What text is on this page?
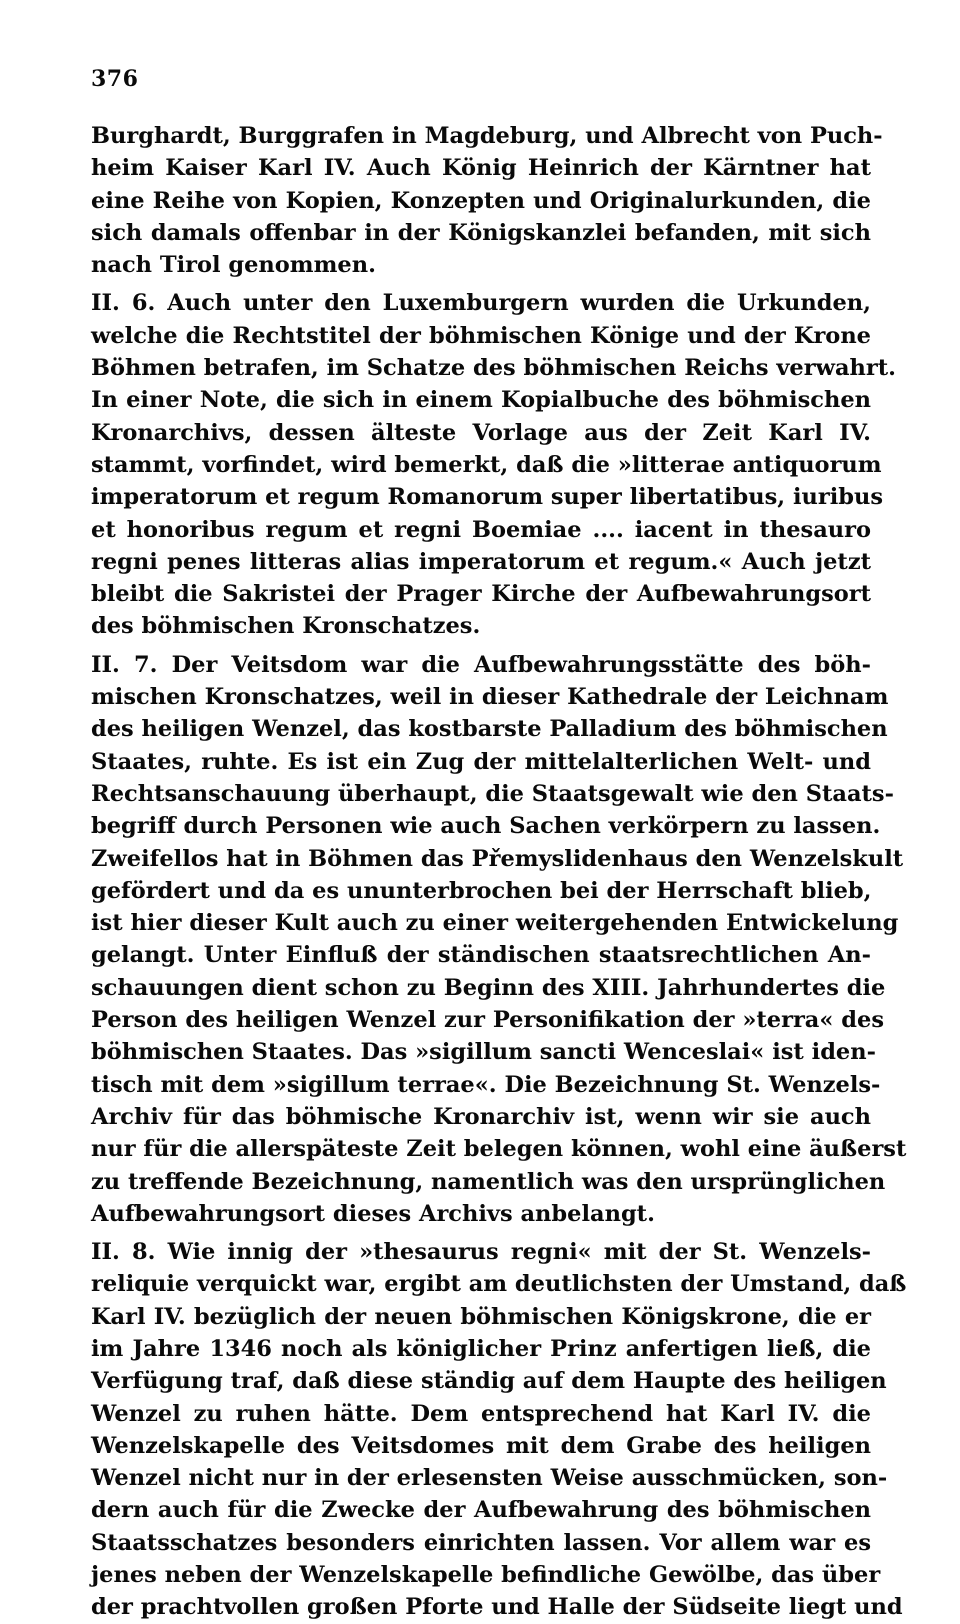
376
Burghardt, Burggrafen in Magdeburg, und Albrecht von Puch-
heim Kaiser Karl IV. Auch König Heinrich der Kärntner hat
eine Reihe von Kopien, Konzepten und Originalurkunden, die
sich damals offenbar in der Königskanzlei befanden, mit sich
nach Tirol genommen.
II. 6. Auch unter den Luxemburgern wurden die Urkunden,
welche die Rechtstitel der böhmischen Könige und der Krone
Böhmen betrafen, im Schatze des böhmischen Reichs verwahrt.
In einer Note, die sich in einem Kopialbuche des böhmischen
Kronarchivs, dessen älteste Vorlage aus der Zeit Karl IV.
stammt, vorfindet, wird bemerkt, daß die »litterae antiquorum
imperatorum et regum Romanorum super libertatibus, iuribus
et honoribus regum et regni Boemiae .... iacent in thesauro
regni penes litteras alias imperatorum et regum.« Auch jetzt
bleibt die Sakristei der Prager Kirche der Aufbewahrungsort
des böhmischen Kronschatzes.
II. 7. Der Veitsdom war die Aufbewahrungsstätte des böh-
mischen Kronschatzes, weil in dieser Kathedrale der Leichnam
des heiligen Wenzel, das kostbarste Palladium des böhmischen
Staates, ruhte. Es ist ein Zug der mittelalterlichen Welt- und
Rechtsanschauung überhaupt, die Staatsgewalt wie den Staats-
begriff durch Personen wie auch Sachen verkörpern zu lassen.
Zweifellos hat in Böhmen das Přemyslidenhaus den Wenzelskult
gefördert und da es ununterbrochen bei der Herrschaft blieb,
ist hier dieser Kult auch zu einer weitergehenden Entwickelung
gelangt. Unter Einfluß der ständischen staatsrechtlichen An-
schauungen dient schon zu Beginn des XIII. Jahrhundertes die
Person des heiligen Wenzel zur Personifikation der »terra« des
böhmischen Staates. Das »sigillum sancti Wenceslai« ist iden-
tisch mit dem »sigillum terrae«. Die Bezeichnung St. Wenzels-
Archiv für das böhmische Kronarchiv ist, wenn wir sie auch
nur für die allerspäteste Zeit belegen können, wohl eine äußerst
zu treffende Bezeichnung, namentlich was den ursprünglichen
Aufbewahrungsort dieses Archivs anbelangt.
II. 8. Wie innig der »thesaurus regni« mit der St. Wenzels-
reliquie verquickt war, ergibt am deutlichsten der Umstand, daß
Karl IV. bezüglich der neuen böhmischen Königskrone, die er
im Jahre 1346 noch als königlicher Prinz anfertigen ließ, die
Verfügung traf, daß diese ständig auf dem Haupte des heiligen
Wenzel zu ruhen hätte. Dem entsprechend hat Karl IV. die
Wenzelskapelle des Veitsdomes mit dem Grabe des heiligen
Wenzel nicht nur in der erlesensten Weise ausschmücken, son-
dern auch für die Zwecke der Aufbewahrung des böhmischen
Staatsschatzes besonders einrichten lassen. Vor allem war es
jenes neben der Wenzelskapelle befindliche Gewölbe, das über
der prachtvollen großen Pforte und Halle der Südseite liegt und
